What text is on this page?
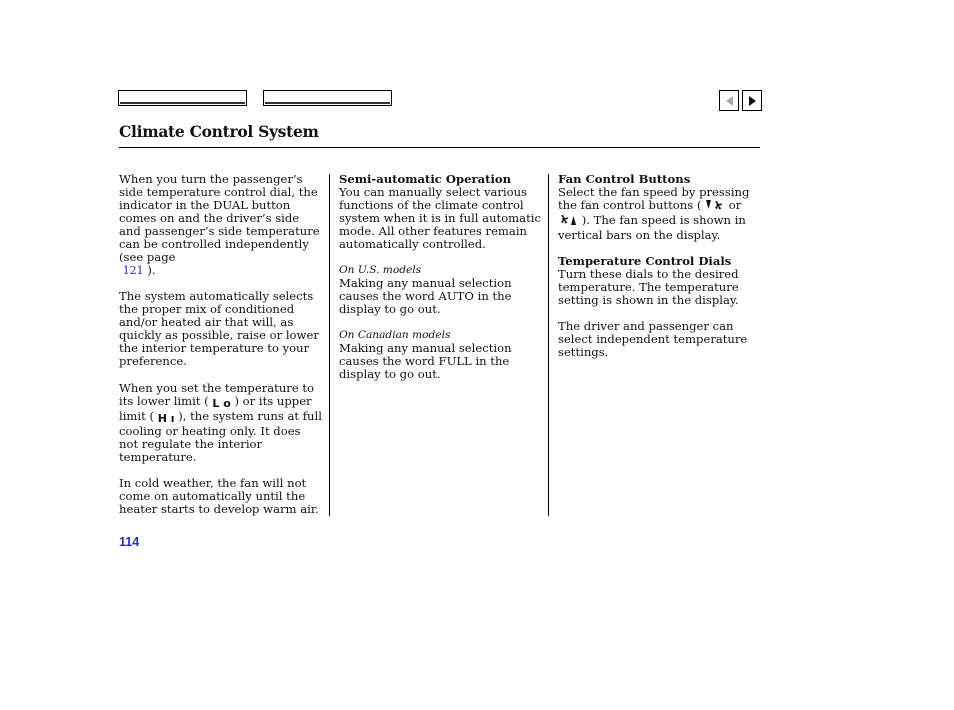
Climate Control System

When you turn the passenger’s side temperature control dial, the indicator in the DUAL button comes on and the driver’s side and passenger’s side temperature can be controlled independently (see page
121 ).

The system automatically selects the proper mix of conditioned and/or heated air that will, as quickly as possible, raise or lower the interior temperature to your preference.

When you set the temperature to its lower limit ( L o ) or its upper limit ( H ı ), the system runs at full cooling or heating only. It does not regulate the interior temperature.

In cold weather, the fan will not come on automatically until the heater starts to develop warm air.

Semi-automatic Operation

You can manually select various functions of the climate control system when it is in full automatic mode. All other features remain automatically controlled.

On U.S. models

Making any manual selection causes the word AUTO in the display to go out.

On Canadian models

Making any manual selection causes the word FULL in the display to go out.

Fan Control Buttons

Select the fan speed by pressing the fan control buttons ( or  ). The fan speed is shown in vertical bars on the display.

Temperature Control Dials

Turn these dials to the desired temperature. The temperature setting is shown in the display.

The driver and passenger can select independent temperature settings.

114
